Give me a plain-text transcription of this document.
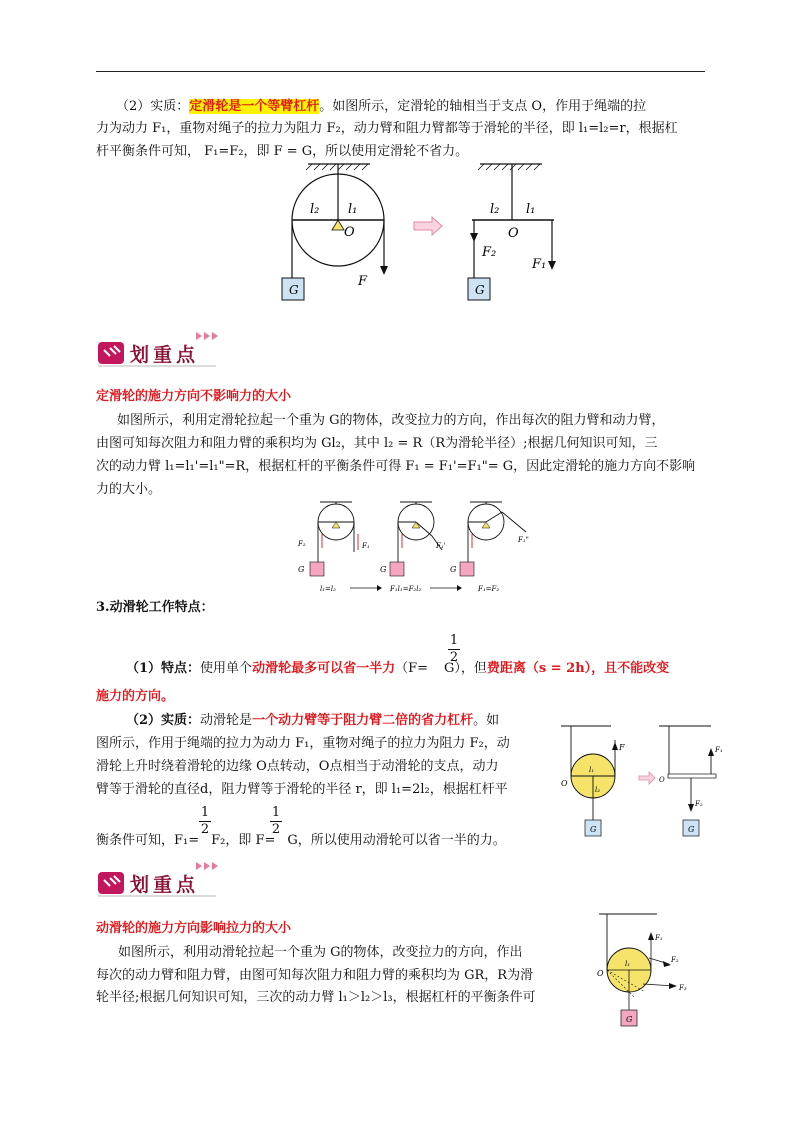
（2）实质：定滑轮是一个等臂杠杆。如图所示，定滑轮的轴相当于支点 O，作用于绳端的拉
力为动力 F₁，重物对绳子的拉力为阻力 F₂，动力臂和阻力臂都等于滑轮的半径，即 l₁=l₂=r，根据杠
杆平衡条件可知， F₁=F₂，即 F = G，所以使用定滑轮不省力。
G
l₂ l₁
O
F
G
l₂ l₁
O
F₂
F₁
划重点
定滑轮的施力方向不影响力的大小
如图所示，利用定滑轮拉起一个重为 G的物体，改变拉力的方向，作出每次的阻力臂和动力臂，
由图可知每次阻力和阻力臂的乘积均为 Gl₂，其中 l₂ = R（R为滑轮半径）;根据几何知识可知，三
次的动力臂 l₁=l₁'=l₁"=R，根据杠杆的平衡条件可得 F₁ = F₁'=F₁"= G，因此定滑轮的施力方向不影响
力的大小。
G	G	G
F₂	F₁	F₁'
F₁"
l₁=l₂	F₁l₁=F₂l₂	F₁=F₂
3.动滑轮工作特点：
（1）特点：使用单个动滑轮最多可以省一半力（F= G），但费距离（s = 2h），且不能改变
1
2
施力的方向。
（2）实质：动滑轮是一个动力臂等于阻力臂二倍的省力杠杆。如
图所示，作用于绳端的拉力为动力 F₁，重物对绳子的拉力为阻力 F₂，动
滑轮上升时绕着滑轮的边缘 O点转动，O点相当于动滑轮的支点，动力
臂等于滑轮的直径d，阻力臂等于滑轮的半径 r，即 l₁=2l₂，根据杠杆平
衡条件可知，F₁= F₂，即 F= G，所以使用动滑轮可以省一半的力。
1
2
1
2	G
F
O
l₁
l₂
G
F₁
F₂
O
划重点
动滑轮的施力方向影响拉力的大小
如图所示，利用动滑轮拉起一个重为 G的物体，改变拉力的方向，作出
每次的动力臂和阻力臂，由图可知每次阻力和阻力臂的乘积均为 GR，R为滑
轮半径;根据几何知识可知，三次的动力臂 l₁＞l₂＞l₃，根据杠杆的平衡条件可
G
F₁
F₂
F₃
O
l₁
